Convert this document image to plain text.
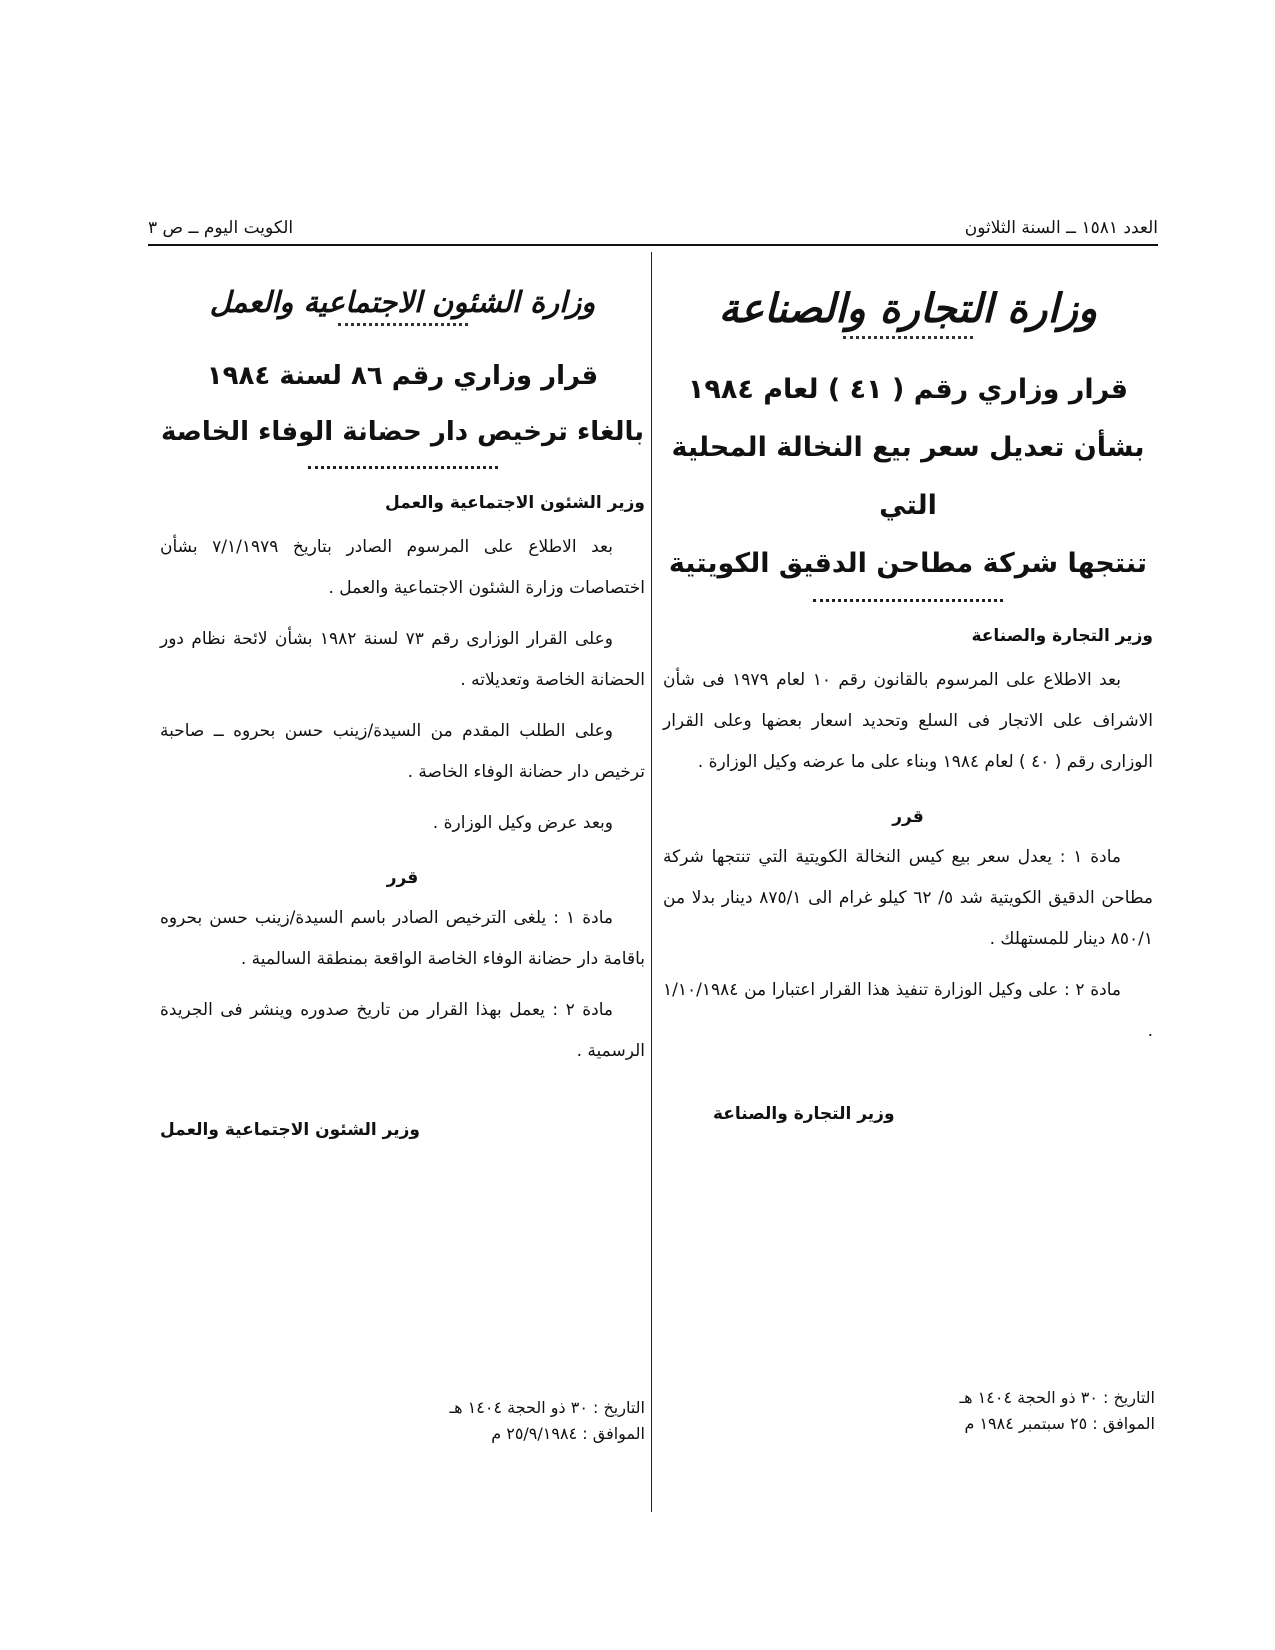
العدد ١٥٨١ ــ السنة الثلاثون
الكويت اليوم ــ ص ٣
وزارة التجارة والصناعة
قرار وزاري رقم ( ٤١ ) لعام ١٩٨٤
بشأن تعديل سعر بيع النخالة المحلية التي
تنتجها شركة مطاحن الدقيق الكويتية
وزير التجارة والصناعة

بعد الاطلاع على المرسوم بالقانون رقم ١٠ لعام ١٩٧٩ فى شأن الاشراف على الاتجار فى السلع وتحديد اسعار بعضها وعلى القرار الوزارى رقم ( ٤٠ ) لعام ١٩٨٤ وبناء على ما عرضه وكيل الوزارة .

قرر

مادة ١ : يعدل سعر بيع كيس النخالة الكويتية التي تنتجها شركة مطاحن الدقيق الكويتية شد ٥/ ٦٢ كيلو غرام الى ٨٧٥/١ دينار بدلا من ٨٥٠/١ دينار للمستهلك .

مادة ٢ : على وكيل الوزارة تنفيذ هذا القرار اعتبارا من ١/١٠/١٩٨٤ .

وزير التجارة والصناعة
وزارة الشئون الاجتماعية والعمل
قرار وزاري رقم ٨٦ لسنة ١٩٨٤
بالغاء ترخيص دار حضانة الوفاء الخاصة
وزير الشئون الاجتماعية والعمل

بعد الاطلاع على المرسوم الصادر بتاريخ ٧/١/١٩٧٩ بشأن اختصاصات وزارة الشئون الاجتماعية والعمل .

وعلى القرار الوزارى رقم ٧٣ لسنة ١٩٨٢ بشأن لائحة نظام دور الحضانة الخاصة وتعديلاته .

وعلى الطلب المقدم من السيدة/زينب حسن بحروه ــ صاحبة ترخيص دار حضانة الوفاء الخاصة .

وبعد عرض وكيل الوزارة .

قرر

مادة ١ : يلغى الترخيص الصادر باسم السيدة/زينب حسن بحروه باقامة دار حضانة الوفاء الخاصة الواقعة بمنطقة السالمية .

مادة ٢ : يعمل بهذا القرار من تاريخ صدوره وينشر فى الجريدة الرسمية .

وزير الشئون الاجتماعية والعمل
التاريخ : ٣٠ ذو الحجة ١٤٠٤ هـ
الموافق : ٢٥ سبتمبر ١٩٨٤ م
التاريخ : ٣٠ ذو الحجة ١٤٠٤ هـ
الموافق : ٢٥/٩/١٩٨٤ م
